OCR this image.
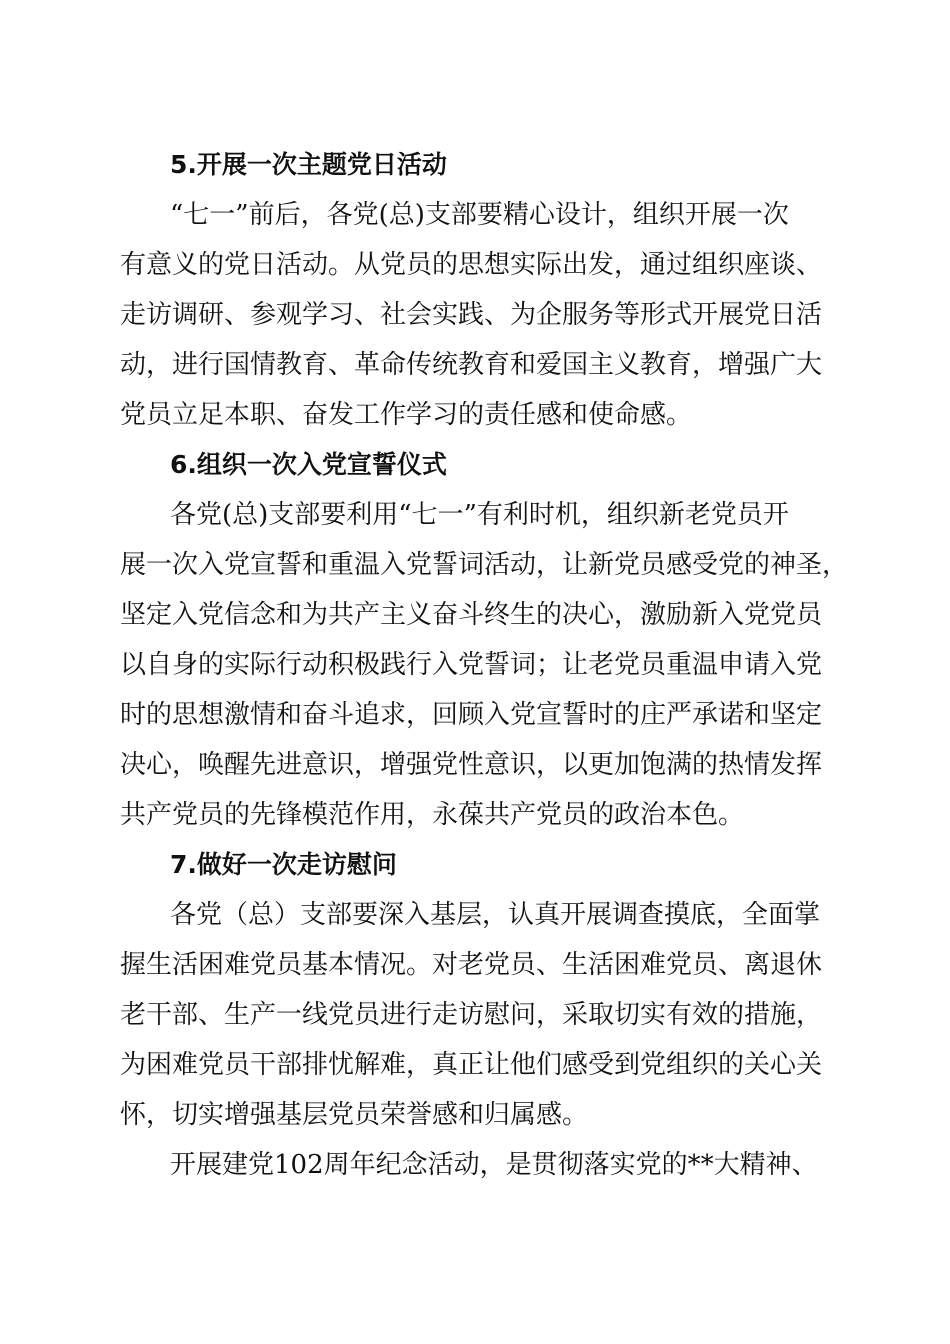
5.开展一次主题党日活动
“七一”前后，各党(总)支部要精心设计，组织开展一次
有意义的党日活动。从党员的思想实际出发，通过组织座谈、
走访调研、参观学习、社会实践、为企服务等形式开展党日活
动，进行国情教育、革命传统教育和爱国主义教育，增强广大
党员立足本职、奋发工作学习的责任感和使命感。
6.组织一次入党宣誓仪式
各党(总)支部要利用“七一”有利时机，组织新老党员开
展一次入党宣誓和重温入党誓词活动，让新党员感受党的神圣，
坚定入党信念和为共产主义奋斗终生的决心，激励新入党党员
以自身的实际行动积极践行入党誓词；让老党员重温申请入党
时的思想激情和奋斗追求，回顾入党宣誓时的庄严承诺和坚定
决心，唤醒先进意识，增强党性意识，以更加饱满的热情发挥
共产党员的先锋模范作用，永葆共产党员的政治本色。
7.做好一次走访慰问
各党（总）支部要深入基层，认真开展调查摸底，全面掌
握生活困难党员基本情况。对老党员、生活困难党员、离退休
老干部、生产一线党员进行走访慰问，采取切实有效的措施，
为困难党员干部排忧解难，真正让他们感受到党组织的关心关
怀，切实增强基层党员荣誉感和归属感。
开展建党102周年纪念活动，是贯彻落实党的**大精神、
